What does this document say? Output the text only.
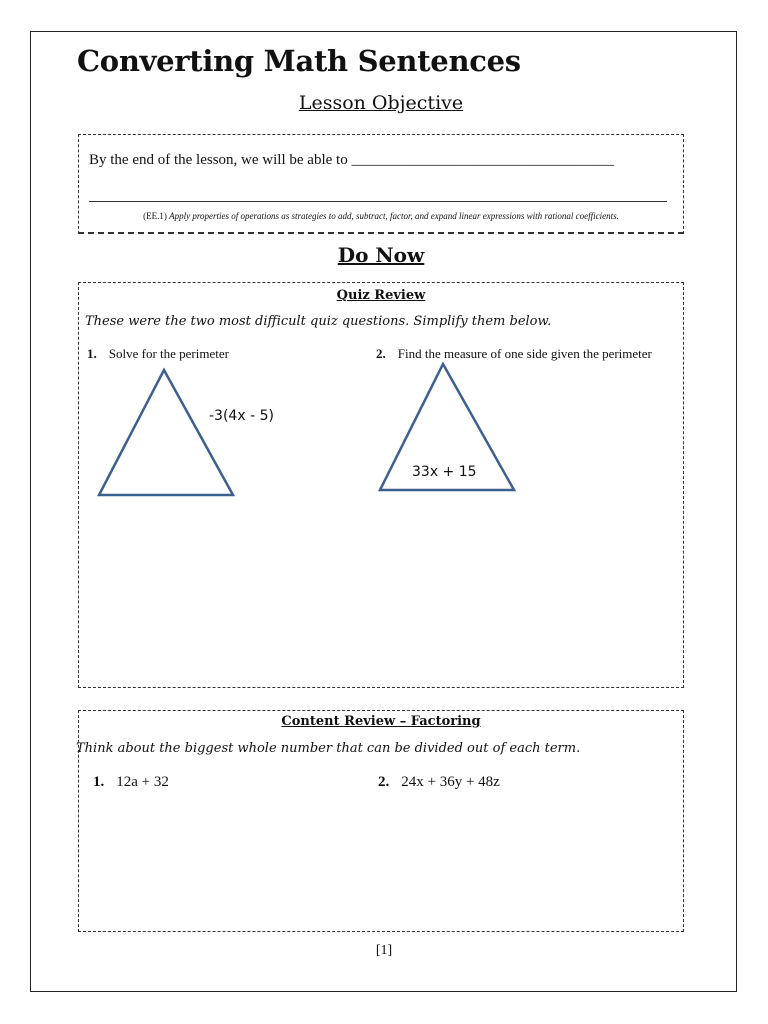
Converting Math Sentences
Lesson Objective
By the end of the lesson, we will be able to ___________________________________
(EE.1) Apply properties of operations as strategies to add, subtract, factor, and expand linear expressions with rational coefficients.
Do Now
Quiz Review
These were the two most difficult quiz questions. Simplify them below.
1. Solve for the perimeter	2. Find the measure of one side given the perimeter
-3(4x - 5)
33x + 15
Content Review – Factoring
Think about the biggest whole number that can be divided out of each term.
1. 12a + 32	2. 24x + 36y + 48z
[1]
